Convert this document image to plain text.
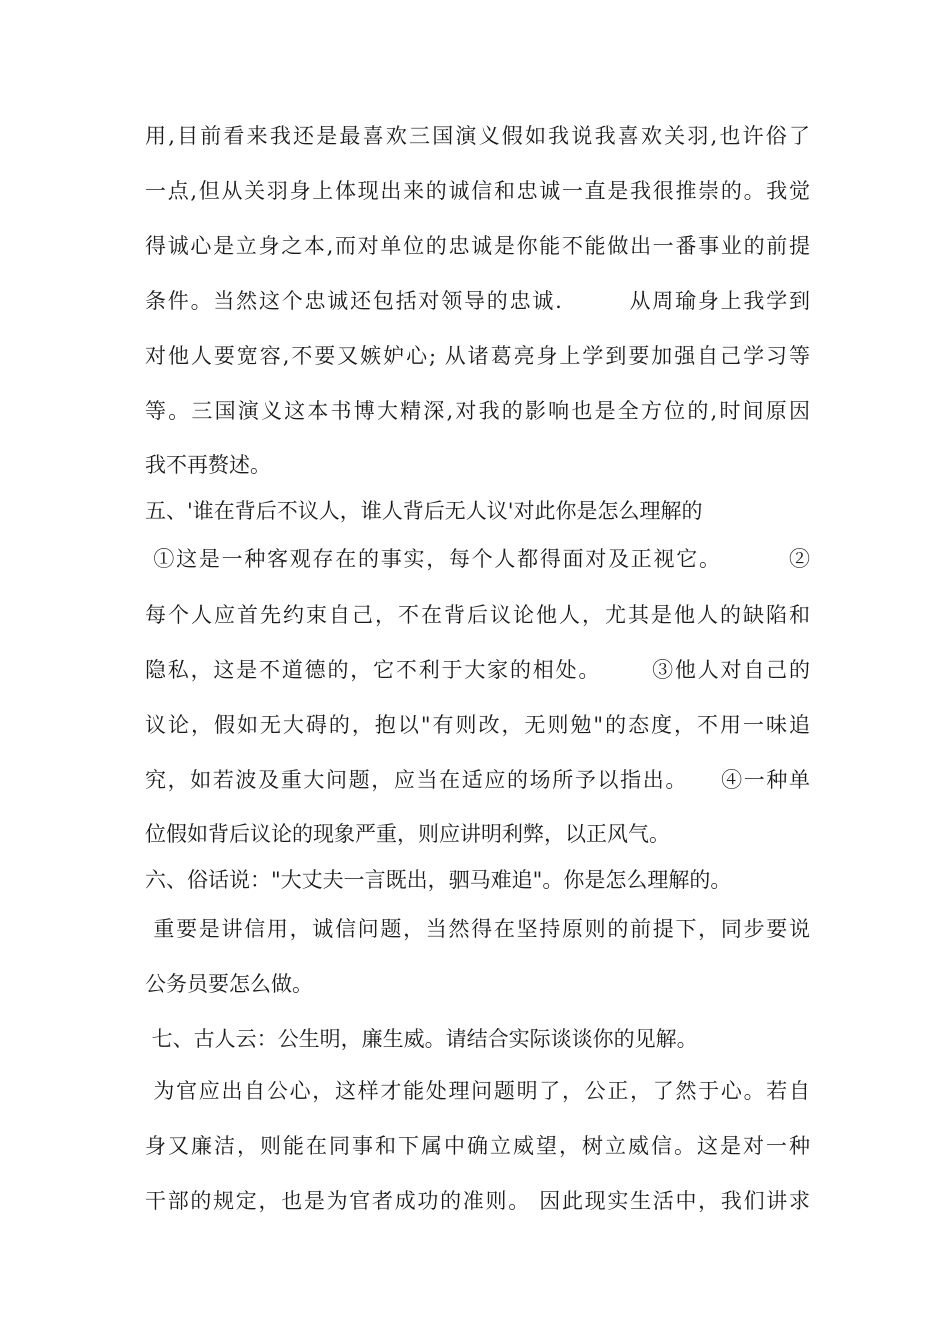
用,目前看来我还是最喜欢三国演义假如我说我喜欢关羽,也许俗了
一点,但从关羽身上体现出来的诚信和忠诚一直是我很推崇的。我觉
得诚心是立身之本,而对单位的忠诚是你能不能做出一番事业的前提
条件。当然这个忠诚还包括对领导的忠诚.        从周瑜身上我学到
对他人要宽容,不要又嫉妒心; 从诸葛亮身上学到要加强自己学习等
等。三国演义这本书博大精深,对我的影响也是全方位的,时间原因
我不再赘述。
五、'谁在背后不议人，谁人背后无人议'对此你是怎么理解的
①这是一种客观存在的事实，每个人都得面对及正视它。        ②
每个人应首先约束自己，不在背后议论他人，尤其是他人的缺陷和
隐私，这是不道德的，它不利于大家的相处。      ③他人对自己的
议论，假如无大碍的，抱以"有则改，无则勉"的态度，不用一味追
究，如若波及重大问题，应当在适应的场所予以指出。    ④一种单
位假如背后议论的现象严重，则应讲明利弊，以正风气。
六、俗话说："大丈夫一言既出，驷马难追"。你是怎么理解的。
重要是讲信用，诚信问题，当然得在坚持原则的前提下，同步要说
公务员要怎么做。
七、古人云：公生明，廉生威。请结合实际谈谈你的见解。
为官应出自公心，这样才能处理问题明了，公正，了然于心。若自
身又廉洁，则能在同事和下属中确立威望，树立威信。这是对一种
干部的规定，也是为官者成功的准则。 因此现实生活中，我们讲求
